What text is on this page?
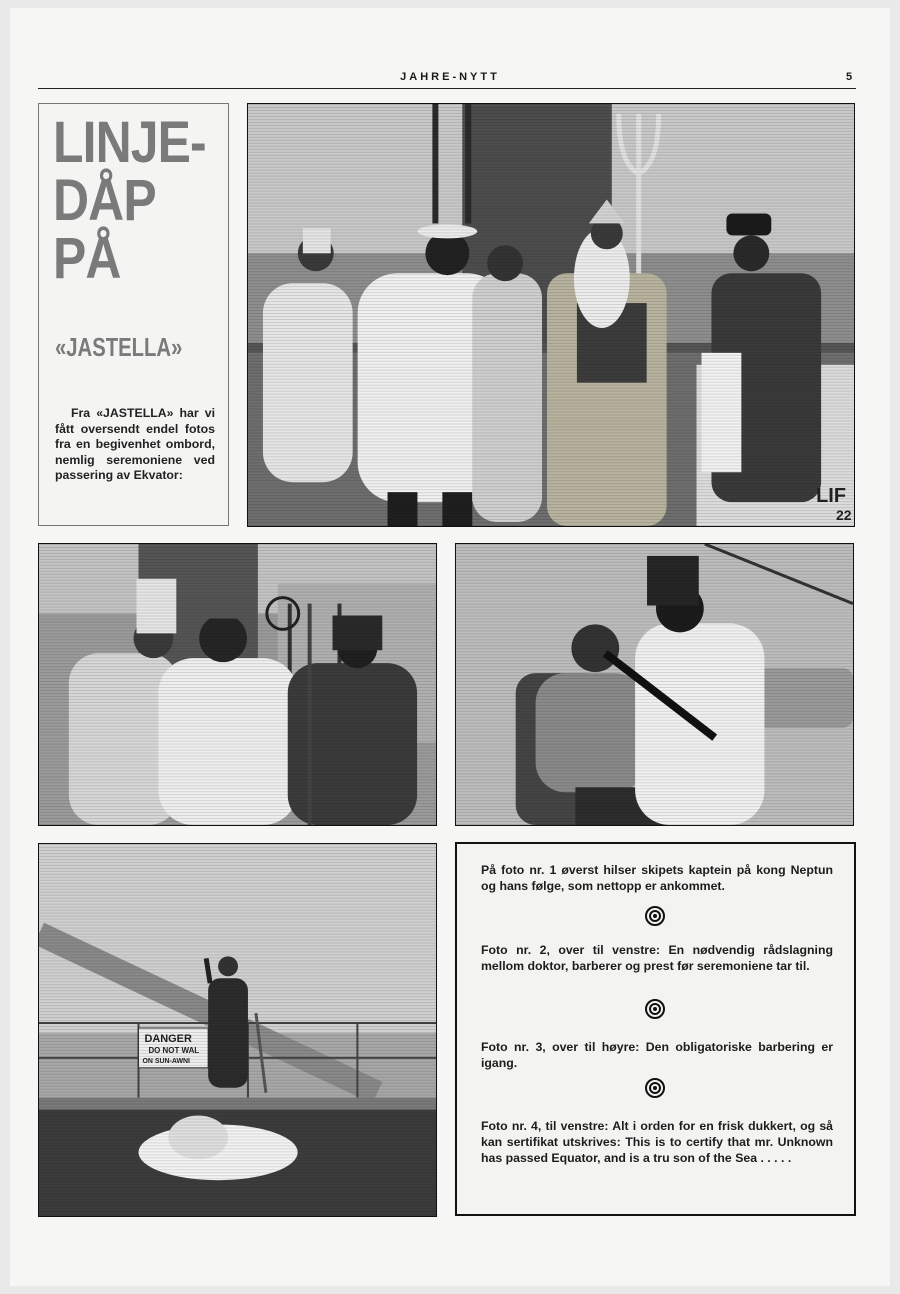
JAHRE-NYTT	5
LINJE-
DÅP
PÅ
«JASTELLA»

Fra «JASTELLA» har vi fått oversendt endel fotos fra en begivenhet ombord, nemlig seremoniene ved passering av Ekvator:

På foto nr. 1 øverst hilser skipets kaptein på kong Neptun og hans følge, som nettopp er ankommet.

Foto nr. 2, over til venstre: En nødvendig rådslagning mellom doktor, barberer og prest før seremoniene tar til.

Foto nr. 3, over til høyre: Den obligatoriske barbering er igang.

Foto nr. 4, til venstre: Alt i orden for en frisk dukkert, og så kan sertifikat utskrives: This is to certify that mr. Unknown has passed Equator, and is a tru son of the Sea . . . . .
